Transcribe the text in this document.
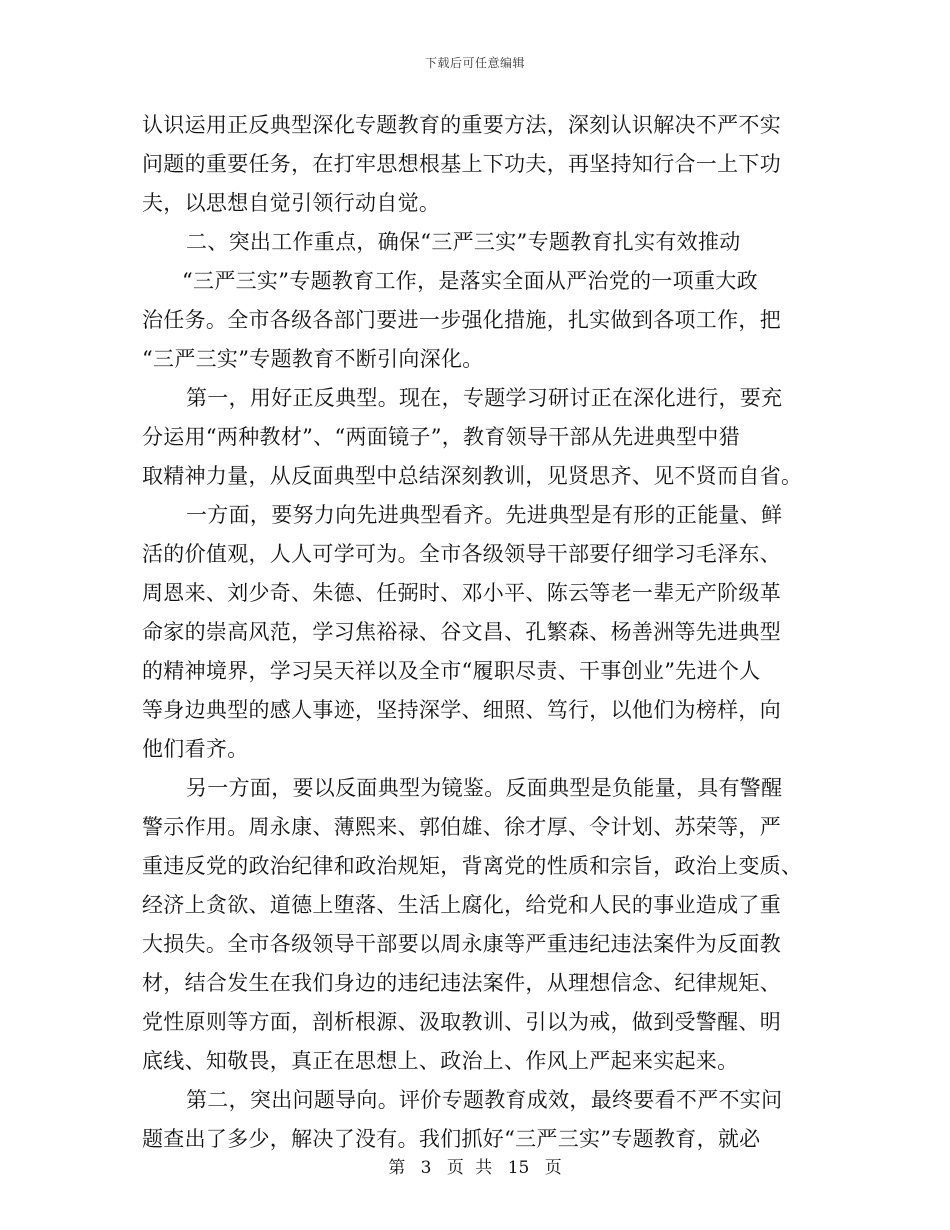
下载后可任意编辑
认识运用正反典型深化专题教育的重要方法，深刻认识解决不严不实
问题的重要任务，在打牢思想根基上下功夫，再坚持知行合一上下功
夫，以思想自觉引领行动自觉。
二、突出工作重点，确保“三严三实”专题教育扎实有效推动
“三严三实”专题教育工作，是落实全面从严治党的一项重大政
治任务。全市各级各部门要进一步强化措施，扎实做到各项工作，把
“三严三实”专题教育不断引向深化。
第一，用好正反典型。现在，专题学习研讨正在深化进行，要充
分运用“两种教材”、“两面镜子”，教育领导干部从先进典型中猎
取精神力量，从反面典型中总结深刻教训，见贤思齐、见不贤而自省。
一方面，要努力向先进典型看齐。先进典型是有形的正能量、鲜
活的价值观，人人可学可为。全市各级领导干部要仔细学习毛泽东、
周恩来、刘少奇、朱德、任弼时、邓小平、陈云等老一辈无产阶级革
命家的崇高风范，学习焦裕禄、谷文昌、孔繁森、杨善洲等先进典型
的精神境界，学习吴天祥以及全市“履职尽责、干事创业”先进个人
等身边典型的感人事迹，坚持深学、细照、笃行，以他们为榜样，向
他们看齐。
另一方面，要以反面典型为镜鉴。反面典型是负能量，具有警醒
警示作用。周永康、薄熙来、郭伯雄、徐才厚、令计划、苏荣等，严
重违反党的政治纪律和政治规矩，背离党的性质和宗旨，政治上变质、
经济上贪欲、道德上堕落、生活上腐化，给党和人民的事业造成了重
大损失。全市各级领导干部要以周永康等严重违纪违法案件为反面教
材，结合发生在我们身边的违纪违法案件，从理想信念、纪律规矩、
党性原则等方面，剖析根源、汲取教训、引以为戒，做到受警醒、明
底线、知敬畏，真正在思想上、政治上、作风上严起来实起来。
第二，突出问题导向。评价专题教育成效，最终要看不严不实问
题查出了多少，解决了没有。我们抓好“三严三实”专题教育，就必
第 3 页 共 15 页
